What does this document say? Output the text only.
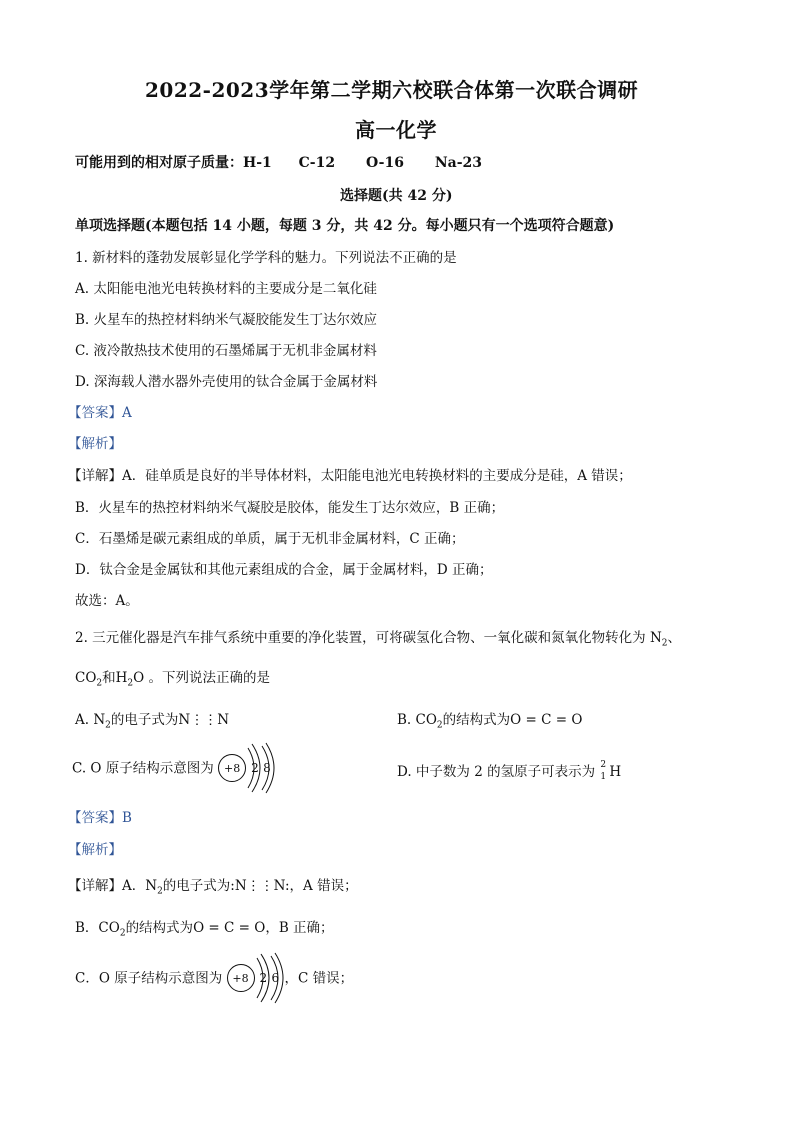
2022-2023学年第二学期六校联合体第一次联合调研
高一化学
可能用到的相对原子质量：H-1 C-12 O-16 Na-23
选择题(共 42 分)
单项选择题(本题包括 14 小题，每题 3 分，共 42 分。每小题只有一个选项符合题意)
1. 新材料的蓬勃发展彰显化学学科的魅力。下列说法不正确的是
A. 太阳能电池光电转换材料的主要成分是二氧化硅
B. 火星车的热控材料纳米气凝胶能发生丁达尔效应
C. 液冷散热技术使用的石墨烯属于无机非金属材料
D. 深海载人潜水器外壳使用的钛合金属于金属材料
【答案】A
【解析】
【详解】A．硅单质是良好的半导体材料，太阳能电池光电转换材料的主要成分是硅，A 错误；
B．火星车的热控材料纳米气凝胶是胶体，能发生丁达尔效应，B 正确；
C．石墨烯是碳元素组成的单质，属于无机非金属材料，C 正确；
D．钛合金是金属钛和其他元素组成的合金，属于金属材料，D 正确；
故选：A。
2. 三元催化器是汽车排气系统中重要的净化装置，可将碳氢化合物、一氧化碳和氮氧化物转化为 $N_2$、
$CO_2$和$H_2O$ 。下列说法正确的是
A. $N_2$的电子式为N⋮⋮N	B. $CO_2$的结构式为O = C = O
C. O 原子结构示意图为 +8 2 8	D. 中子数为 2 的氢原子可表示为 2
1 H
【答案】B
【解析】
【详解】A．$N_2$的电子式为:N⋮⋮N:，A 错误；
B．$CO_2$的结构式为O = C = O，B 正确；
C．O 原子结构示意图为 +8 2 6 ，C 错误；
